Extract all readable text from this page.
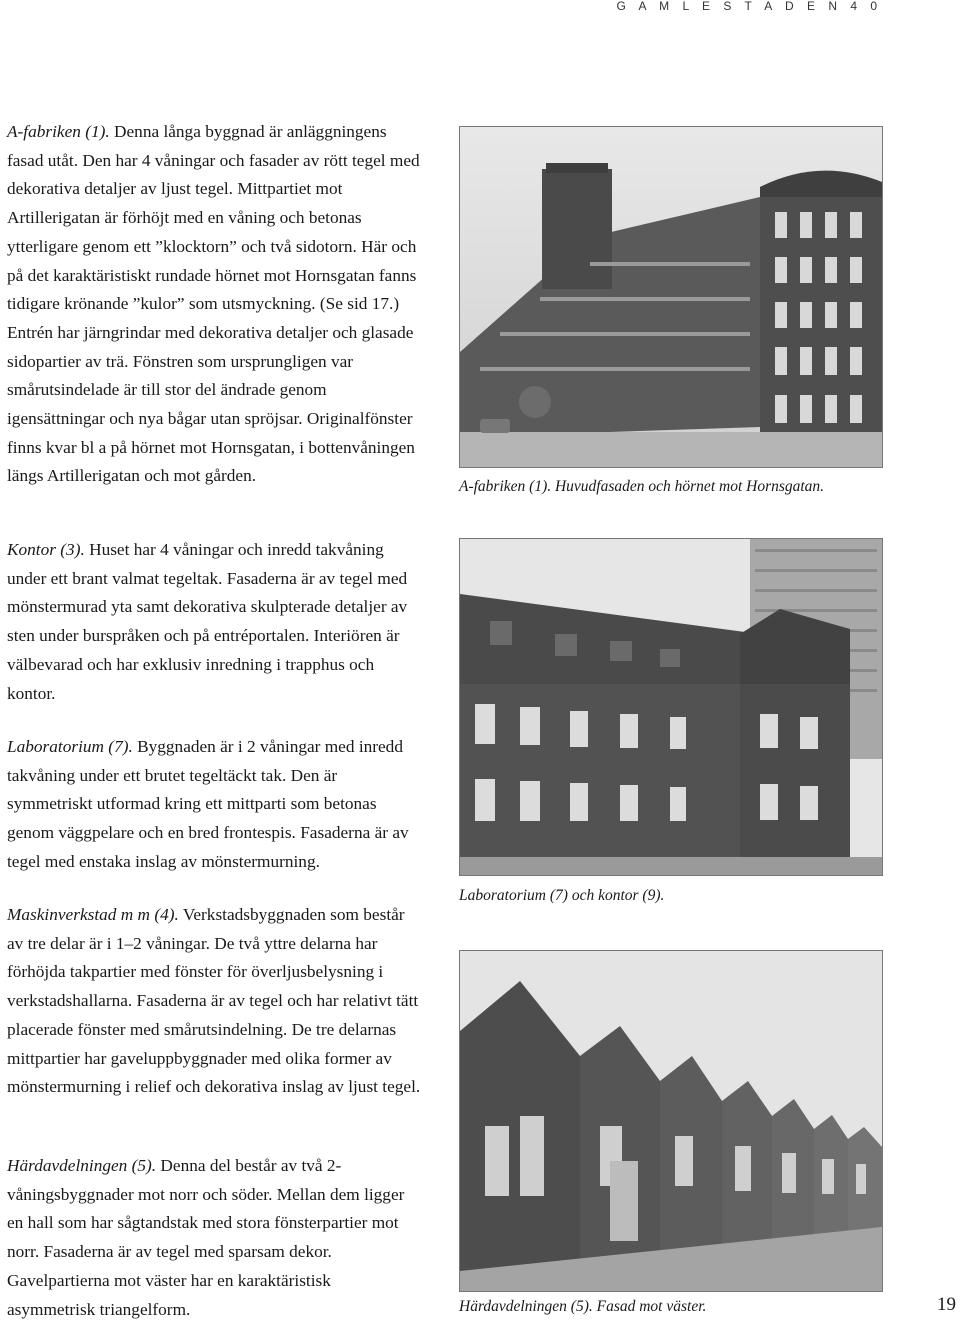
G A M L E S T A D E N 4 0

A-fabriken (1). Denna långa byggnad är anläggningens fasad utåt. Den har 4 våningar och fasader av rött tegel med dekorativa detaljer av ljust tegel. Mittpartiet mot Artillerigatan är förhöjt med en våning och betonas ytterligare genom ett ”klocktorn” och två sidotorn. Här och på det karaktäristiskt rundade hörnet mot Hornsgatan fanns tidigare krönande ”kulor” som utsmyckning. (Se sid 17.) Entrén har järngrindar med dekorativa detaljer och glasade sidopartier av trä. Fönstren som ursprungligen var smårutsindelade är till stor del ändrade genom igensättningar och nya bågar utan spröjsar. Originalfönster finns kvar bl a på hörnet mot Hornsgatan, i bottenvåningen längs Artillerigatan och mot gården.

Kontor (3). Huset har 4 våningar och inredd takvåning under ett brant valmat tegeltak. Fasaderna är av tegel med mönstermurad yta samt dekorativa skulpterade detaljer av sten under burspråken och på entréportalen. Interiören är välbevarad och har exklusiv inredning i trapphus och kontor.

Laboratorium (7). Byggnaden är i 2 våningar med inredd takvåning under ett brutet tegeltäckt tak. Den är symmetriskt utformad kring ett mittparti som betonas genom väggpelare och en bred frontespis. Fasaderna är av tegel med enstaka inslag av mönstermurning.

Maskinverkstad m m (4). Verkstadsbyggnaden som består av tre delar är i 1–2 våningar. De två yttre delarna har förhöjda takpartier med fönster för överljusbelysning i verkstadshallarna. Fasaderna är av tegel och har relativt tätt placerade fönster med smårutsindelning. De tre delarnas mittpartier har gaveluppbyggnader med olika former av mönstermurning i relief och dekorativa inslag av ljust tegel.

Härdavdelningen (5). Denna del består av två 2-våningsbyggnader mot norr och söder. Mellan dem ligger en hall som har sågtandstak med stora fönsterpartier mot norr. Fasaderna är av tegel med sparsam dekor. Gavelpartierna mot väster har en karaktäristisk asymmetrisk triangelform.

A-fabriken (1). Huvudfasaden och hörnet mot Hornsgatan.
Laboratorium (7) och kontor (9).
Härdavdelningen (5). Fasad mot väster.	19
